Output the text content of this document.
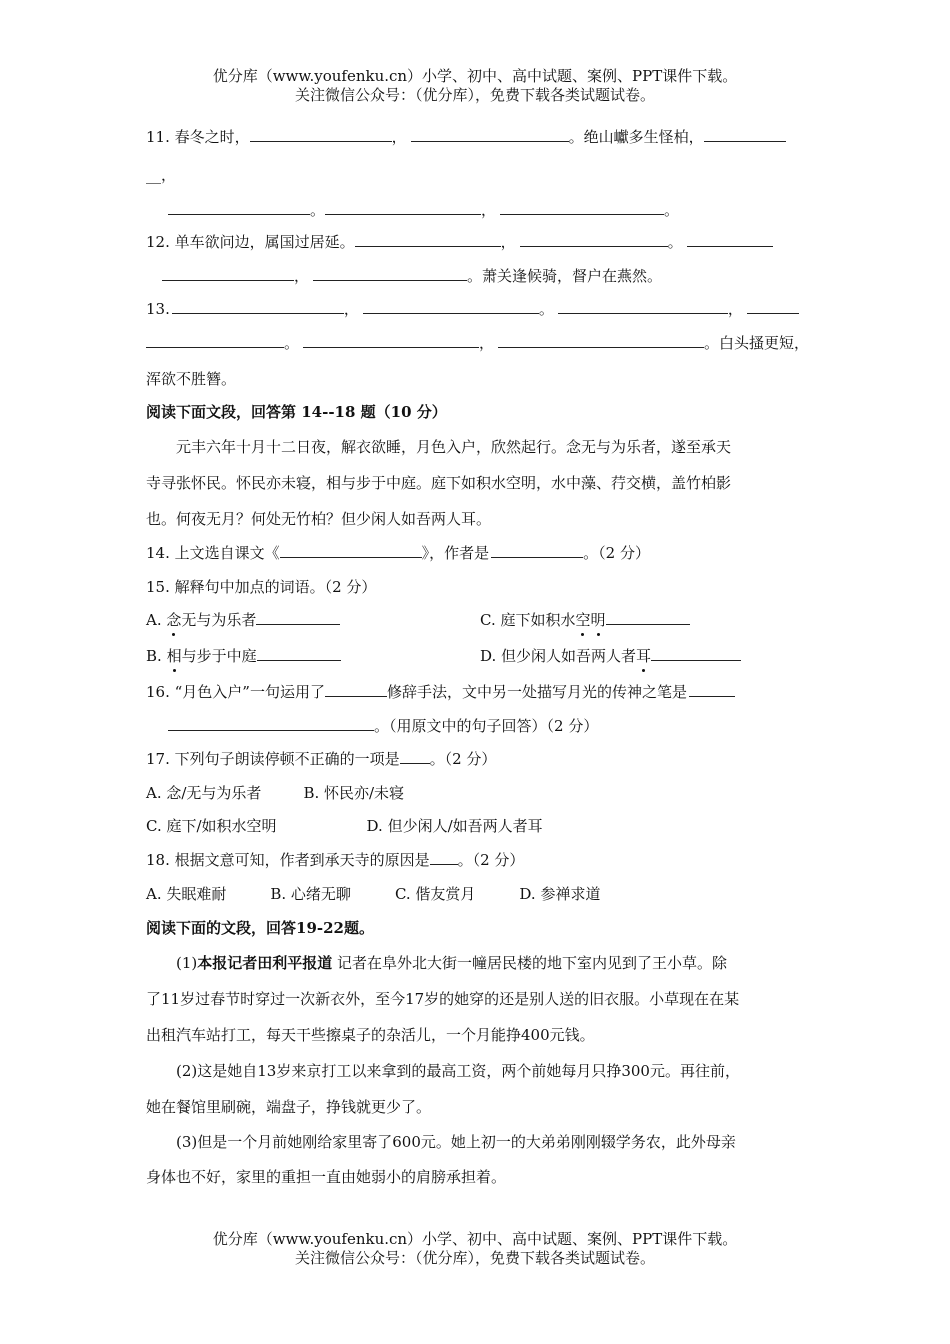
优分库（www.youfenku.cn）小学、初中、高中试题、案例、PPT课件下载。
关注微信公众号：（优分库），免费下载各类试题试卷。
11. 春冬之时，	，	。绝山巘多生怪柏，
__，
。	，	。
12. 单车欲问边，属国过居延。	，	。
，	。萧关逢候骑，督户在燕然。
13.	，	。	，
。	，	。白头搔更短，
浑欲不胜簪。
阅读下面文段，回答第 14--18 题（10 分）
元丰六年十月十二日夜，解衣欲睡，月色入户，欣然起行。念无与为乐者，遂至承天
寺寻张怀民。怀民亦未寝，相与步于中庭。庭下如积水空明，水中藻、荇交横，盖竹柏影
也。何夜无月？何处无竹柏？但少闲人如吾两人耳。
14. 上文选自课文《	》，作者是	。（2 分）
15. 解释句中加点的词语。（2 分）
A. 念无与为乐者	C. 庭下如积水空明
B. 相与步于中庭	D. 但少闲人如吾两人者耳
16. “月色入户”一句运用了	修辞手法，文中另一处描写月光的传神之笔是
。（用原文中的句子回答）（2 分）
17. 下列句子朗读停顿不正确的一项是 。（2 分）
A. 念/无与为乐者	B. 怀民亦/未寝
C. 庭下/如积水空明	D. 但少闲人/如吾两人者耳
18. 根据文意可知，作者到承天寺的原因是 。（2 分）
A. 失眠难耐	B. 心绪无聊	C. 偕友赏月	D. 参禅求道
阅读下面的文段，回答19-22题。
(1)本报记者田利平报道 记者在阜外北大街一幢居民楼的地下室内见到了王小草。除
了11岁过春节时穿过一次新衣外，至今17岁的她穿的还是别人送的旧衣服。小草现在在某
出租汽车站打工，每天干些擦桌子的杂活儿，一个月能挣400元钱。
(2)这是她自13岁来京打工以来拿到的最高工资，两个前她每月只挣300元。再往前，
她在餐馆里刷碗，端盘子，挣钱就更少了。
(3)但是一个月前她刚给家里寄了600元。她上初一的大弟弟刚刚辍学务农，此外母亲
身体也不好，家里的重担一直由她弱小的肩膀承担着。
优分库（www.youfenku.cn）小学、初中、高中试题、案例、PPT课件下载。
关注微信公众号：（优分库），免费下载各类试题试卷。
